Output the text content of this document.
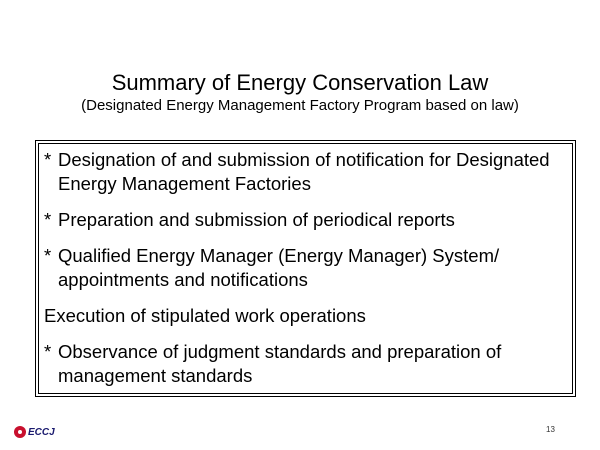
Summary of Energy Conservation Law
(Designated Energy Management Factory Program based on law)
* Designation of and submission of notification for Designated Energy Management Factories
* Preparation and submission of periodical reports
* Qualified Energy Manager (Energy Manager) System/ appointments and notifications
Execution of stipulated work operations
* Observance of judgment standards and preparation of management standards
ECCJ	13
